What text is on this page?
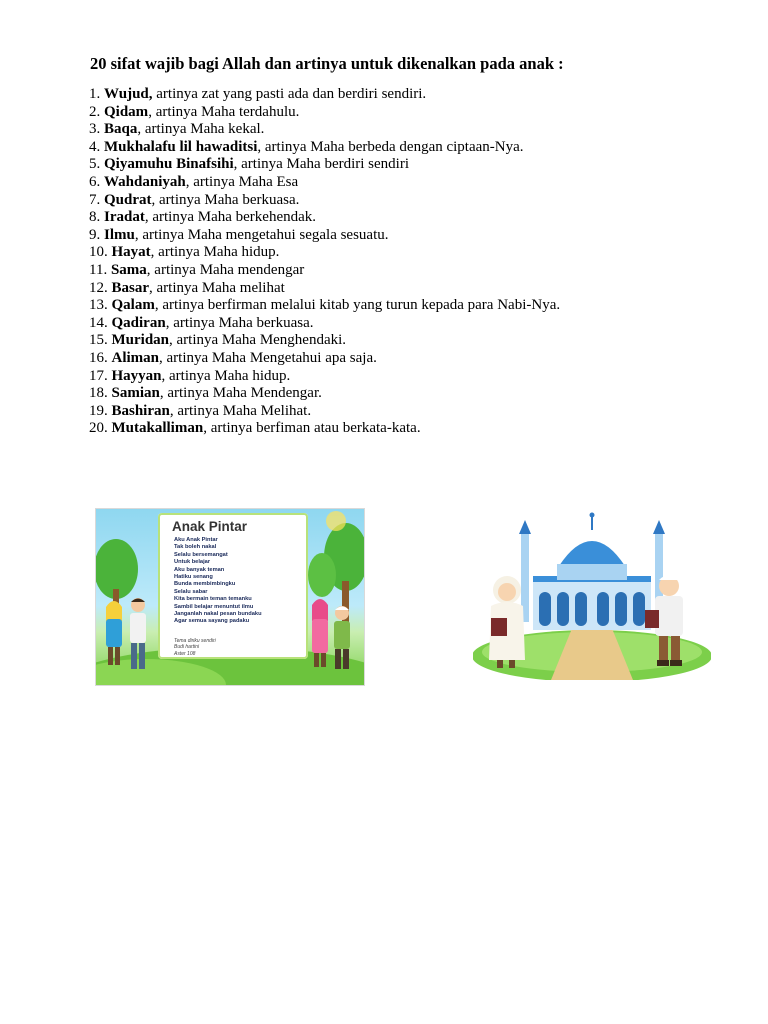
20 sifat wajib bagi Allah dan artinya untuk dikenalkan pada anak :
1. Wujud, artinya zat yang pasti ada dan berdiri sendiri.
2. Qidam, artinya Maha terdahulu.
3. Baqa, artinya Maha kekal.
4. Mukhalafu lil hawaditsi, artinya Maha berbeda dengan ciptaan-Nya.
5. Qiyamuhu Binafsihi, artinya Maha berdiri sendiri
6. Wahdaniyah, artinya Maha Esa
7. Qudrat, artinya Maha berkuasa.
8. Iradat, artinya Maha berkehendak.
9. Ilmu, artinya Maha mengetahui segala sesuatu.
10. Hayat, artinya Maha hidup.
11. Sama, artinya Maha mendengar
12. Basar, artinya Maha melihat
13. Qalam, artinya berfirman melalui kitab yang turun kepada para Nabi-Nya.
14. Qadiran, artinya Maha berkuasa.
15. Muridan, artinya Maha Menghendaki.
16. Aliman, artinya Maha Mengetahui apa saja.
17. Hayyan, artinya Maha hidup.
18. Samian, artinya Maha Mendengar.
19. Bashiran, artinya Maha Melihat.
20. Mutakalliman, artinya berfiman atau berkata-kata.
Anak Pintar
Aku Anak Pintar
Tak boleh nakal
Selalu bersemangat
Untuk belajar
Aku banyak teman
Hatiku senang
Bunda membimbingku
Selalu sabar
Kita bermain teman temanku
Sambil belajar menuntut ilmu
Janganlah nakal pesan bundaku
Agar semua sayang padaku
Tema diriku sendiri
Budi hartini
Aster 108
